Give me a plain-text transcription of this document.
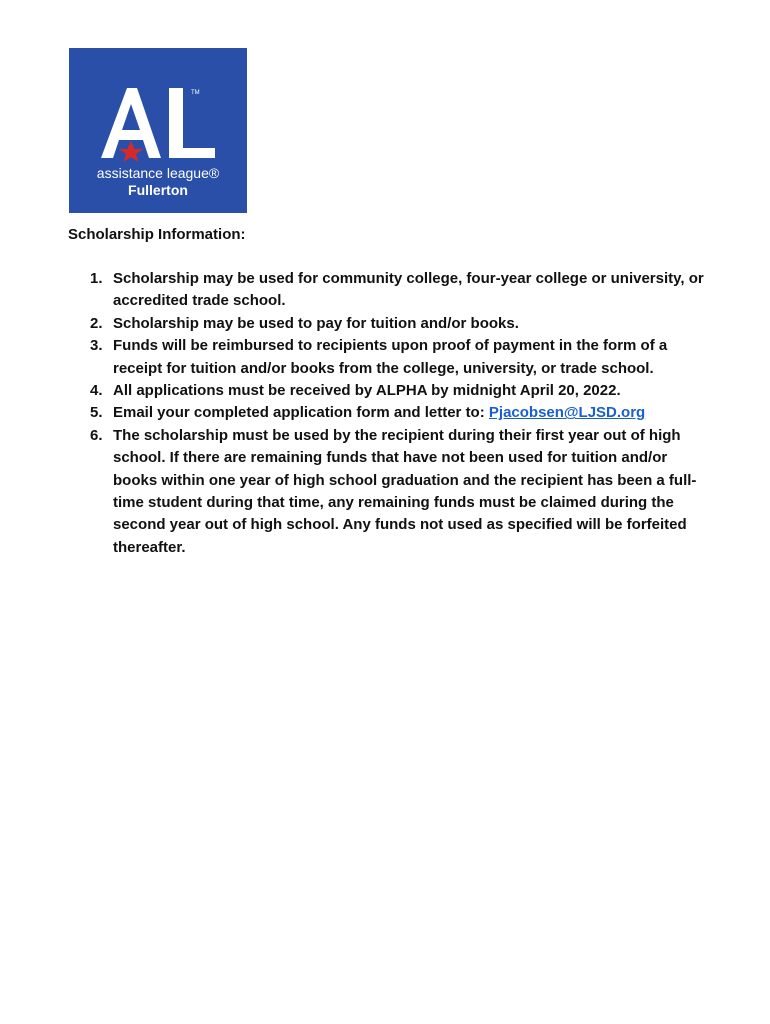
TM
assistance league®
Fullerton
Scholarship Information:
1. Scholarship may be used for community college, four-year college or university, or accredited trade school.
2. Scholarship may be used to pay for tuition and/or books.
3. Funds will be reimbursed to recipients upon proof of payment in the form of a receipt for tuition and/or books from the college, university, or trade school.
4. All applications must be received by ALPHA by midnight April 20, 2022.
5. Email your completed application form and letter to: Pjacobsen@LJSD.org
6. The scholarship must be used by the recipient during their first year out of high school. If there are remaining funds that have not been used for tuition and/or books within one year of high school graduation and the recipient has been a full-time student during that time, any remaining funds must be claimed during the second year out of high school. Any funds not used as specified will be forfeited thereafter.
